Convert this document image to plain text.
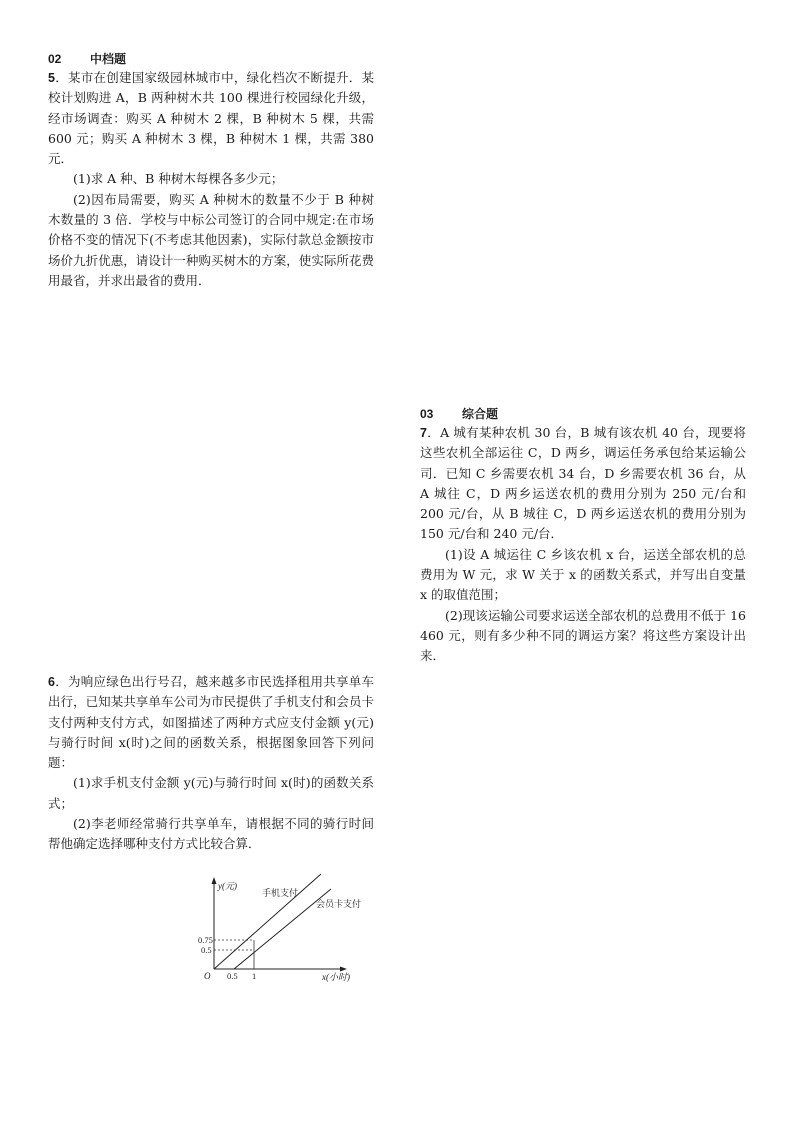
02 中档题

5．某市在创建国家级园林城市中，绿化档次不断提升．某校计划购进 A，B 两种树木共 100 棵进行校园绿化升级，经市场调查：购买 A 种树木 2 棵，B 种树木 5 棵，共需 600 元；购买 A 种树木 3 棵，B 种树木 1 棵，共需 380 元．

(1)求 A 种、B 种树木每棵各多少元；

(2)因布局需要，购买 A 种树木的数量不少于 B 种树木数量的 3 倍．学校与中标公司签订的合同中规定:在市场价格不变的情况下(不考虑其他因素)，实际付款总金额按市场价九折优惠，请设计一种购买树木的方案，使实际所花费用最省，并求出最省的费用．

6．为响应绿色出行号召，越来越多市民选择租用共享单车出行，已知某共享单车公司为市民提供了手机支付和会员卡支付两种支付方式，如图描述了两种方式应支付金额 y(元)与骑行时间 x(时)之间的函数关系，根据图象回答下列问题：

(1)求手机支付金额 y(元)与骑行时间 x(时)的函数关系式；

(2)李老师经常骑行共享单车，请根据不同的骑行时间帮他确定选择哪种支付方式比较合算．

y(元)
x(小时)
O
0.75
0.5
0.5 1
手机支付
会员卡支付
03 综合题

7．A 城有某种农机 30 台，B 城有该农机 40 台，现要将这些农机全部运往 C，D 两乡，调运任务承包给某运输公司．已知 C 乡需要农机 34 台，D 乡需要农机 36 台，从 A 城往 C，D 两乡运送农机的费用分别为 250 元/台和 200 元/台，从 B 城往 C，D 两乡运送农机的费用分别为 150 元/台和 240 元/台．

(1)设 A 城运往 C 乡该农机 x 台，运送全部农机的总费用为 W 元，求 W 关于 x 的函数关系式，并写出自变量 x 的取值范围；

(2)现该运输公司要求运送全部农机的总费用不低于 16 460 元，则有多少种不同的调运方案？将这些方案设计出来．
